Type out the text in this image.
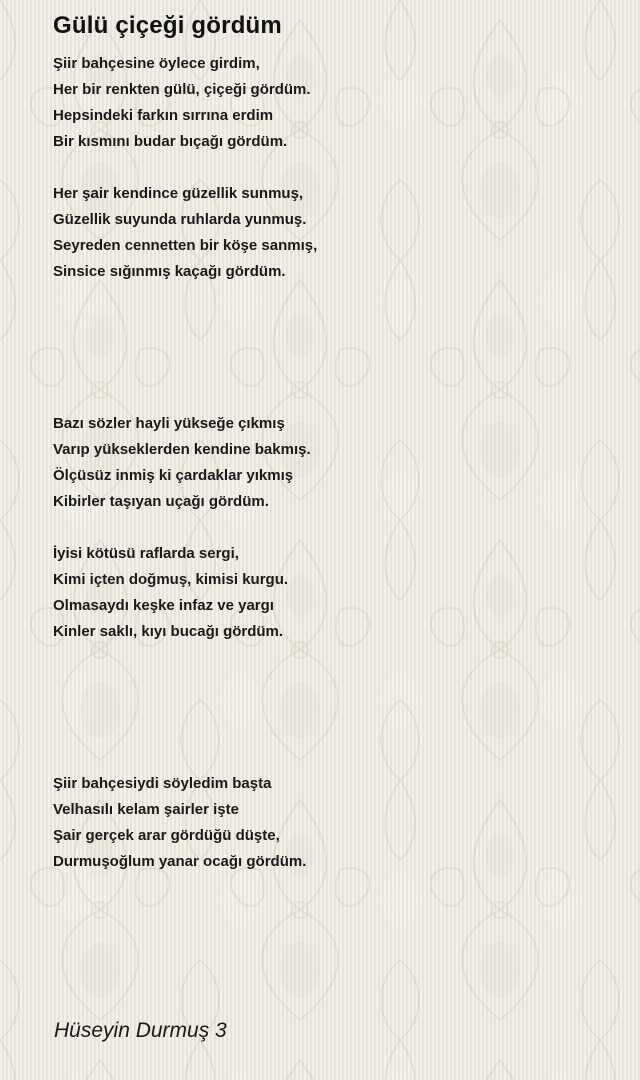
Gülü çiçeği gördüm
Şiir bahçesine öylece girdim,
Her bir renkten gülü, çiçeği gördüm.
Hepsindeki farkın sırrına erdim
Bir kısmını budar bıçağı gördüm.
Her şair kendince güzellik sunmuş,
Güzellik suyunda ruhlarda yunmuş.
Seyreden cennetten bir köşe sanmış,
Sinsice sığınmış kaçağı gördüm.
Bazı sözler hayli yükseğe çıkmış
Varıp yükseklerden kendine bakmış.
Ölçüsüz inmiş ki çardaklar yıkmış
Kibirler taşıyan uçağı gördüm.
İyisi kötüsü raflarda sergi,
Kimi içten doğmuş, kimisi kurgu.
Olmasaydı keşke infaz ve yargı
Kinler saklı, kıyı bucağı gördüm.
Şiir bahçesiydi söyledim başta
Velhasılı kelam şairler işte
Şair gerçek arar gördüğü düşte,
Durmuşoğlum yanar ocağı gördüm.
Hüseyin Durmuş 3
